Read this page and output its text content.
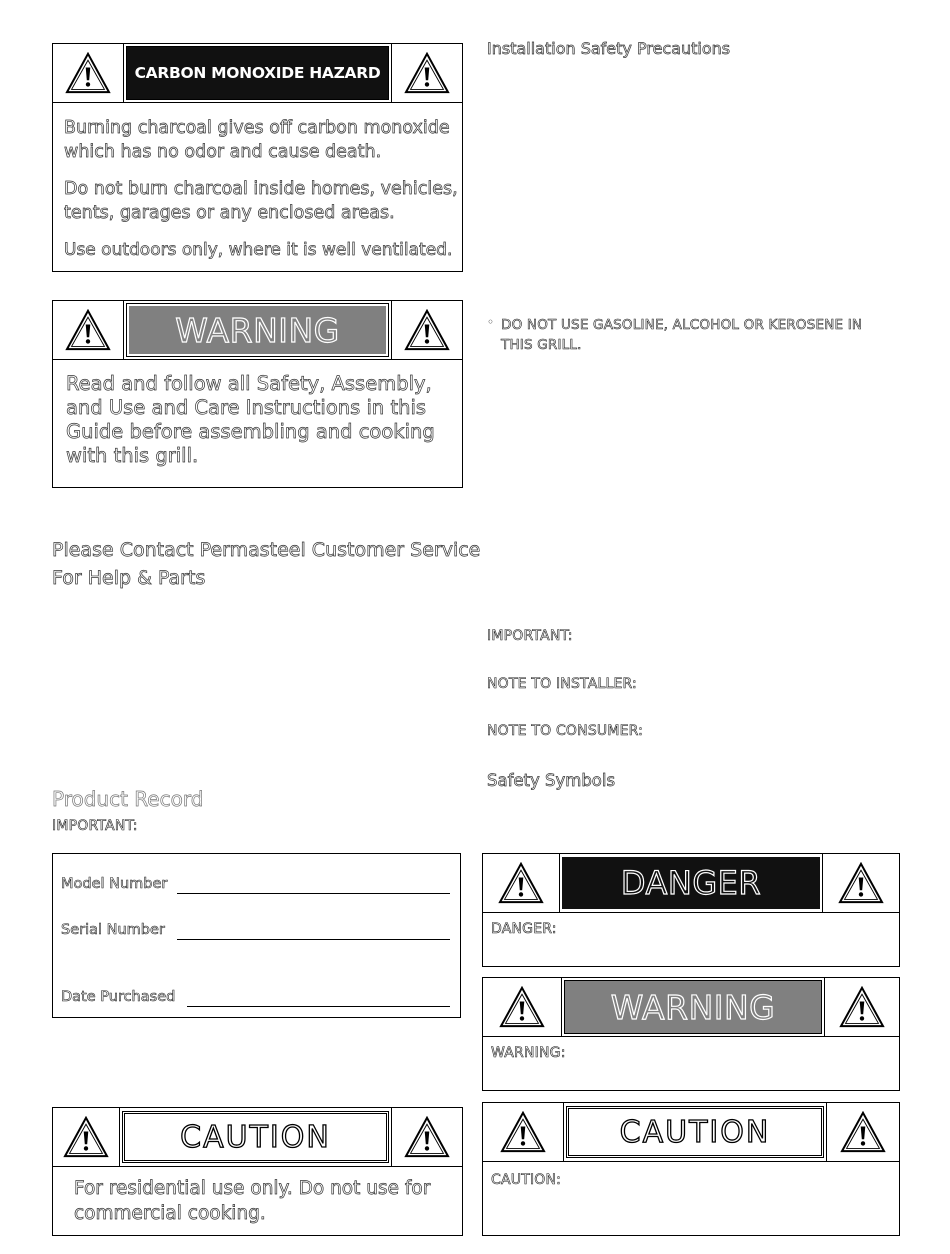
CARBON MONOXIDE HAZARD
Burning charcoal gives off carbon monoxide which has no odor and cause death.
Do not burn charcoal inside homes, vehicles, tents, garages or any enclosed areas.
Use outdoors only, where it is well ventilated.
WARNING
Read and follow all Safety, Assembly, and Use and Care Instructions in this Guide before assembling and cooking with this grill.
Please Contact Permasteel Customer Service
For Help & Parts
Product Record
IMPORTANT:
Model Number
Serial Number
Date Purchased
CAUTION
For residential use only. Do not use for commercial cooking.
Installation Safety Precautions
◦ DO NOT USE GASOLINE, ALCOHOL OR KEROSENE IN THIS GRILL.
IMPORTANT:
NOTE TO INSTALLER:
NOTE TO CONSUMER:
Safety Symbols
DANGER
DANGER:
WARNING
WARNING:
CAUTION
CAUTION:
